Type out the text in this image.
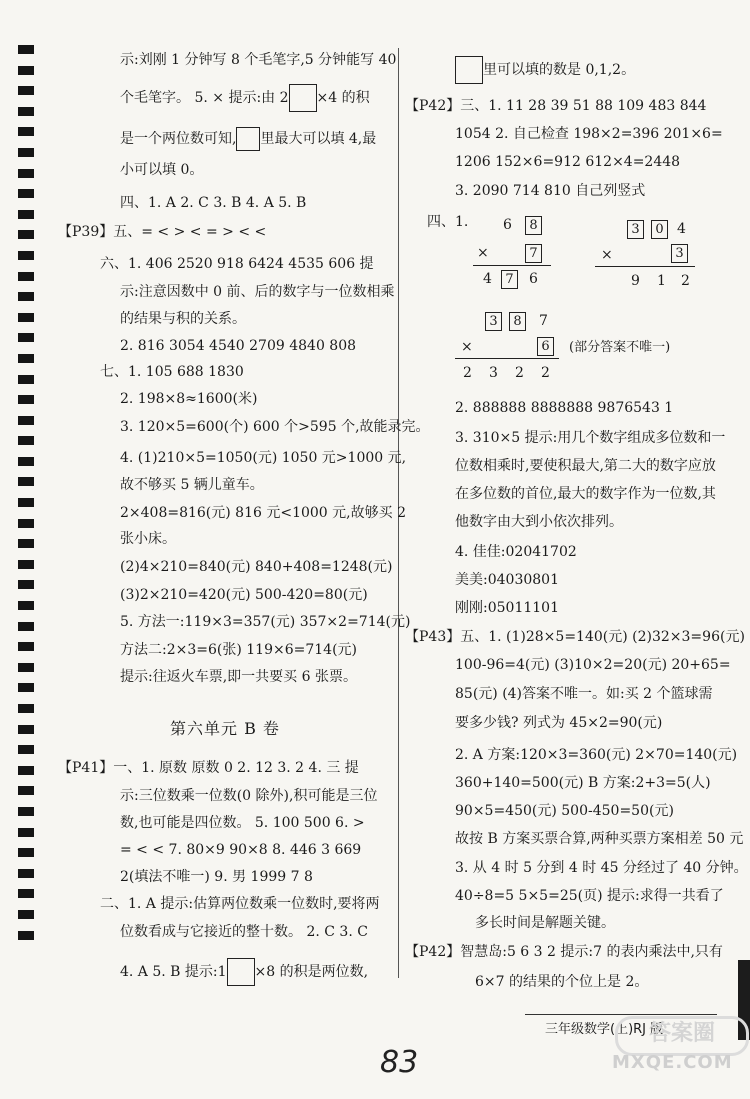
示:刘刚 1 分钟写 8 个毛笔字,5 分钟能写 40
个毛笔字。 5. × 提示:由 2 ×4 的积
是一个两位数可知, 里最大可以填 4,最
小可以填 0。
四、1. A 2. C 3. B 4. A 5. B
【P39】五、= < > < = > < <
六、1. 406 2520 918 6424 4535 606 提
示:注意因数中 0 前、后的数字与一位数相乘
的结果与积的关系。
2. 816 3054 4540 2709 4840 808
七、1. 105 688 1830
2. 198×8≈1600(米)
3. 120×5=600(个) 600 个>595 个,故能录完。
4. (1)210×5=1050(元) 1050 元>1000 元,
故不够买 5 辆儿童车。
2×408=816(元) 816 元<1000 元,故够买 2
张小床。
(2)4×210=840(元) 840+408=1248(元)
(3)2×210=420(元) 500-420=80(元)
5. 方法一:119×3=357(元) 357×2=714(元)
方法二:2×3=6(张) 119×6=714(元)
提示:往返火车票,即一共要买 6 张票。
第六单元 B 卷
【P41】一、1. 原数 原数 0 2. 12 3. 2 4. 三 提
示:三位数乘一位数(0 除外),积可能是三位
数,也可能是四位数。 5. 100 500 6. >
= < < 7. 80×9 90×8 8. 446 3 669
2(填法不唯一) 9. 男 1999 7 8
二、1. A 提示:估算两位数乘一位数时,要将两
位数看成与它接近的整十数。 2. C 3. C
4. A 5. B 提示:1 ×8 的积是两位数,
里可以填的数是 0,1,2。
【P42】三、1. 11 28 39 51 88 109 483 844
1054 2. 自己检查 198×2=396 201×6=
1206 152×6=912 612×4=2448
3. 2090 714 810 自己列竖式
四、1. 6	8
×	7
4	7	6
3	0 4
×	3
9 1 2
3	8	7
×	6
2 3 2 2
(部分答案不唯一)
2. 888888 8888888 9876543 1
3. 310×5 提示:用几个数字组成多位数和一
位数相乘时,要使积最大,第二大的数字应放
在多位数的首位,最大的数字作为一位数,其
他数字由大到小依次排列。
4. 佳佳:02041702
美美:04030801
刚刚:05011101
【P43】五、1. (1)28×5=140(元) (2)32×3=96(元)
100-96=4(元) (3)10×2=20(元) 20+65=
85(元) (4)答案不唯一。如:买 2 个篮球需
要多少钱? 列式为 45×2=90(元)
2. A 方案:120×3=360(元) 2×70=140(元)
360+140=500(元) B 方案:2+3=5(人)
90×5=450(元) 500-450=50(元)
故按 B 方案买票合算,两种买票方案相差 50 元
3. 从 4 时 5 分到 4 时 45 分经过了 40 分钟。
40÷8=5 5×5=25(页) 提示:求得一共看了
多长时间是解题关键。
【P42】智慧岛:5 6 3 2 提示:7 的表内乘法中,只有
6×7 的结果的个位上是 2。
三年级数学(上)RJ 版
83
答案圈
MXQE.COM
